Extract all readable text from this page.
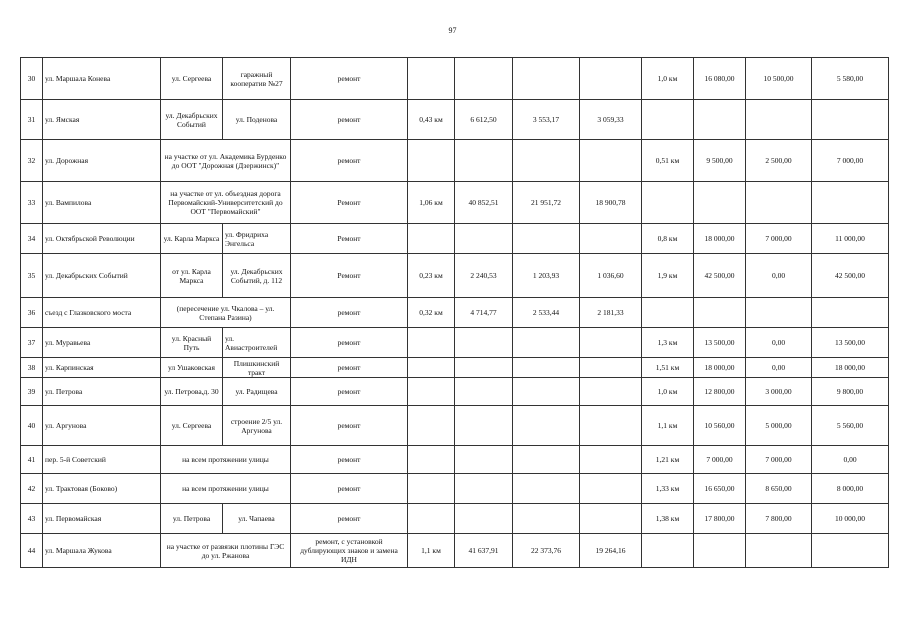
97
30	ул. Маршала Конева	ул. Сергеева	гаражный кооператив №27	ремонт					1,0 км	16 080,00	10 500,00	5 580,00
31	ул. Ямская	ул. Декабрьских Событий	ул. Поденова	ремонт	0,43 км	6 612,50	3 553,17	3 059,33				
32	ул. Дорожная	на участке от ул. Академика Бурденко до ООТ "Дорожная (Дзержинск)"		ремонт					0,51 км	9 500,00	2 500,00	7 000,00
33	ул. Вампилова	на участке от ул. объездная дорога Первомайский-Университетский до ООТ "Первомайский"		Ремонт	1,06 км	40 852,51	21 951,72	18 900,78				
34	ул. Октябрьской Революции	ул. Карла Маркса	ул. Фридриха Энгельса	Ремонт					0,8 км	18 000,00	7 000,00	11 000,00
35	ул. Декабрьских Событий	от ул. Карла Маркса	ул. Декабрьских Событий, д. 112	Ремонт	0,23 км	2 240,53	1 203,93	1 036,60	1,9 км	42 500,00	0,00	42 500,00
36	съезд с Глазковского моста	(пересечение ул. Чкалова – ул. Степана Разина)		ремонт	0,32 км	4 714,77	2 533,44	2 181,33				
37	ул. Муравьева	ул. Красный Путь	ул. Авиастроителей	ремонт					1,3 км	13 500,00	0,00	13 500,00
38	ул. Карпинская	ул Ушаковская	Плишкинский тракт	ремонт					1,51 км	18 000,00	0,00	18 000,00
39	ул. Петрова	ул. Петрова,д. 30	ул. Радищева	ремонт					1,0 км	12 800,00	3 000,00	9 800,00
40	ул. Аргунова	ул. Сергеева	строение 2/5 ул. Аргунова	ремонт					1,1 км	10 560,00	5 000,00	5 560,00
41	пер. 5-й Советский	на всем протяжении улицы		ремонт					1,21 км	7 000,00	7 000,00	0,00
42	ул. Трактовая (Боково)	на всем протяжении улицы		ремонт					1,33 км	16 650,00	8 650,00	8 000,00
43	ул. Первомайская	ул. Петрова	ул. Чапаева	ремонт					1,38 км	17 800,00	7 800,00	10 000,00
44	ул. Маршала Жукова	на участке от развязки плотины ГЭС до ул. Ржанова		ремонт, с установкой дублирующих знаков и замена ИДН	1,1 км	41 637,91	22 373,76	19 264,16				
